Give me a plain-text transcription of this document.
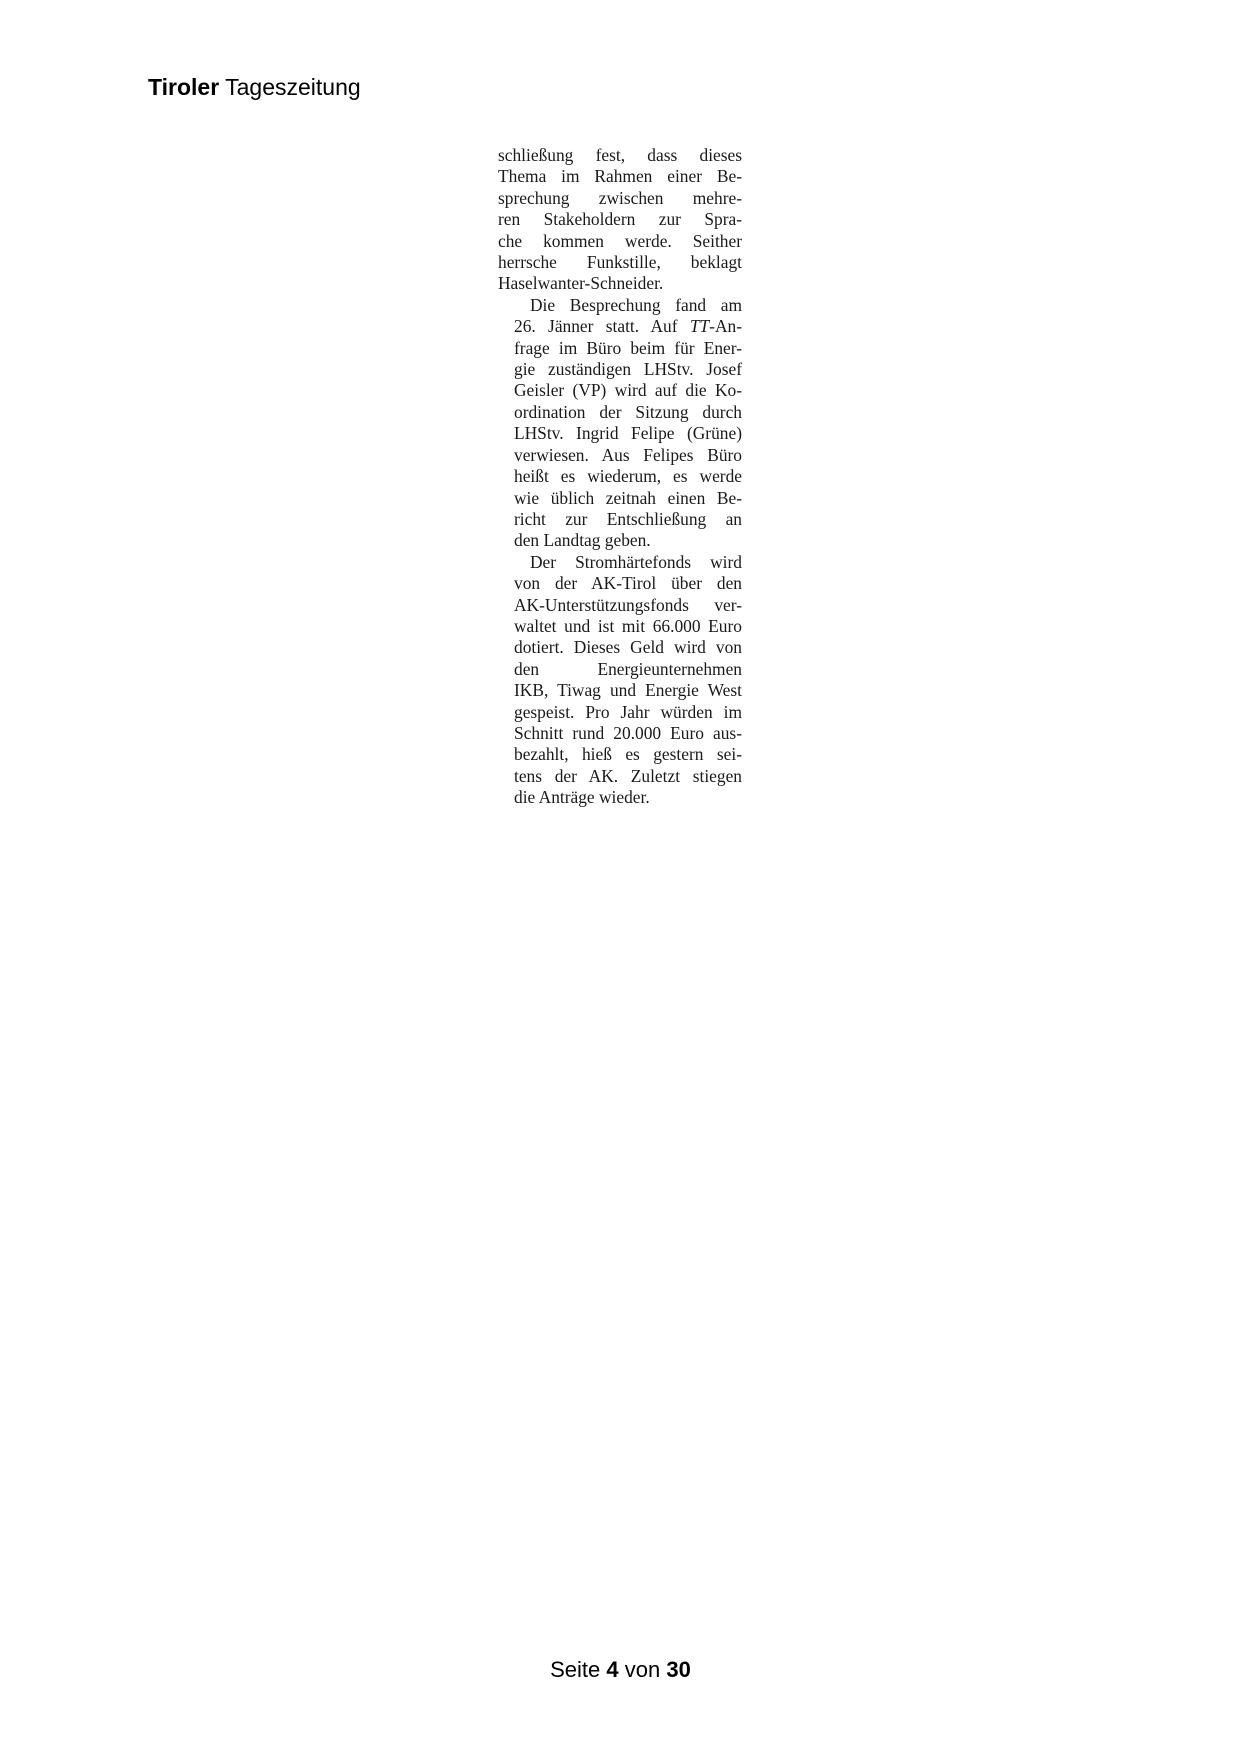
Tiroler Tageszeitung

schließung fest, dass dieses
Thema im Rahmen einer Be-
sprechung zwischen mehre-
ren Stakeholdern zur Spra-
che kommen werde. Seither
herrsche Funkstille, beklagt
Haselwanter-Schneider.

Die Besprechung fand am
26. Jänner statt. Auf TT-An-
frage im Büro beim für Ener-
gie zuständigen LHStv. Josef
Geisler (VP) wird auf die Ko-
ordination der Sitzung durch
LHStv. Ingrid Felipe (Grüne)
verwiesen. Aus Felipes Büro
heißt es wiederum, es werde
wie üblich zeitnah einen Be-
richt zur Entschließung an
den Landtag geben.

Der Stromhärtefonds wird
von der AK-Tirol über den
AK-Unterstützungsfonds ver-
waltet und ist mit 66.000 Euro
dotiert. Dieses Geld wird von
den Energieunternehmen
IKB, Tiwag und Energie West
gespeist. Pro Jahr würden im
Schnitt rund 20.000 Euro aus-
bezahlt, hieß es gestern sei-
tens der AK. Zuletzt stiegen
die Anträge wieder.

Seite 4 von 30
